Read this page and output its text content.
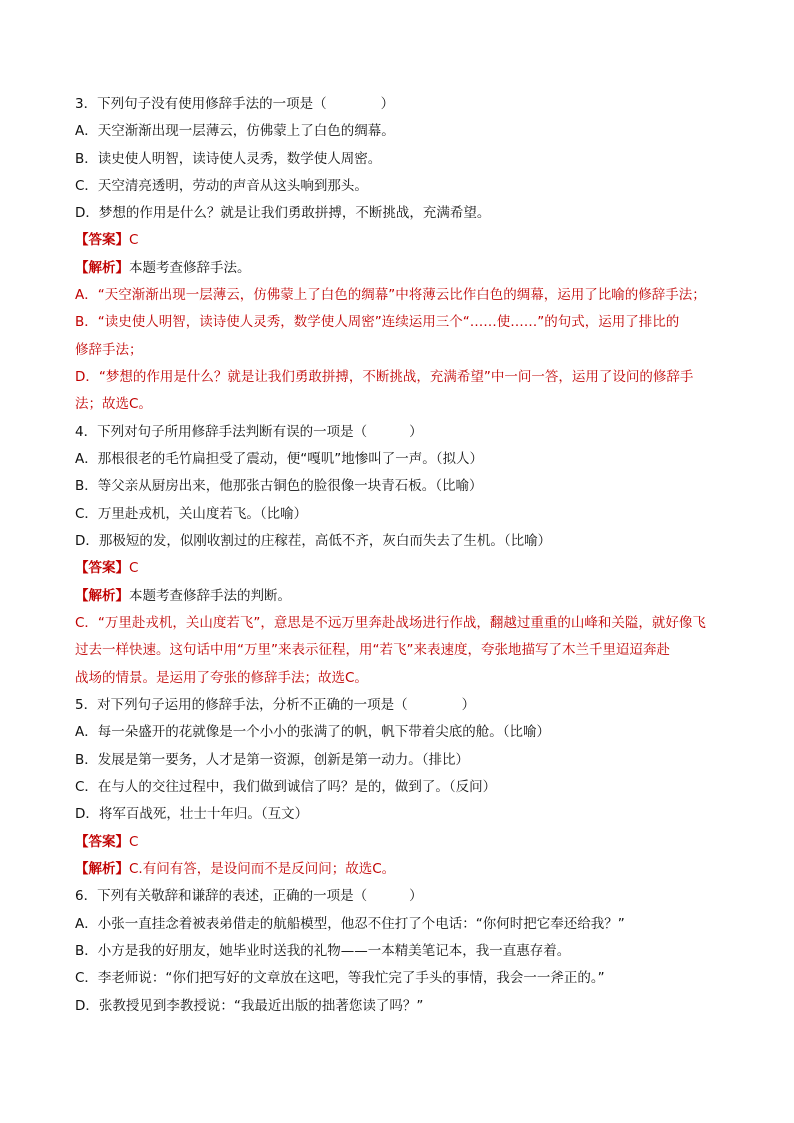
3．下列句子没有使用修辞手法的一项是（	）
A．天空渐渐出现一层薄云，仿佛蒙上了白色的绸幕。
B．读史使人明智，读诗使人灵秀，数学使人周密。
C．天空清亮透明，劳动的声音从这头响到那头。
D．梦想的作用是什么？就是让我们勇敢拼搏，不断挑战，充满希望。
【答案】C
【解析】本题考查修辞手法。
A．“天空渐渐出现一层薄云，仿佛蒙上了白色的绸幕”中将薄云比作白色的绸幕，运用了比喻的修辞手法；
B．“读史使人明智，读诗使人灵秀，数学使人周密”连续运用三个“……使……”的句式，运用了排比的
修辞手法；
D．“梦想的作用是什么？就是让我们勇敢拼搏，不断挑战，充满希望”中一问一答，运用了设问的修辞手
法；故选C。
4．下列对句子所用修辞手法判断有误的一项是（	）
A．那根很老的毛竹扁担受了震动，便“嘎叽”地惨叫了一声。（拟人）
B．等父亲从厨房出来，他那张古铜色的脸很像一块青石板。（比喻）
C．万里赴戎机，关山度若飞。（比喻）
D．那极短的发，似刚收割过的庄稼茬，高低不齐，灰白而失去了生机。（比喻）
【答案】C
【解析】本题考查修辞手法的判断。
C．“万里赴戎机，关山度若飞”，意思是不远万里奔赴战场进行作战，翻越过重重的山峰和关隘，就好像飞
过去一样快速。这句话中用“万里”来表示征程，用“若飞”来表速度，夸张地描写了木兰千里迢迢奔赴
战场的情景。是运用了夸张的修辞手法；故选C。
5．对下列句子运用的修辞手法，分析不正确的一项是（	）
A．每一朵盛开的花就像是一个小小的张满了的帆，帆下带着尖底的舱。（比喻）
B．发展是第一要务，人才是第一资源，创新是第一动力。（排比）
C．在与人的交往过程中，我们做到诚信了吗？是的，做到了。（反问）
D．将军百战死，壮士十年归。（互文）
【答案】C
【解析】C.有问有答，是设问而不是反问问；故选C。
6．下列有关敬辞和谦辞的表述，正确的一项是（	）
A．小张一直挂念着被表弟借走的航船模型，他忍不住打了个电话：“你何时把它奉还给我？”
B．小方是我的好朋友，她毕业时送我的礼物——一本精美笔记本，我一直惠存着。
C．李老师说：“你们把写好的文章放在这吧，等我忙完了手头的事情，我会一一斧正的。”
D．张教授见到李教授说：“我最近出版的拙著您读了吗？”
